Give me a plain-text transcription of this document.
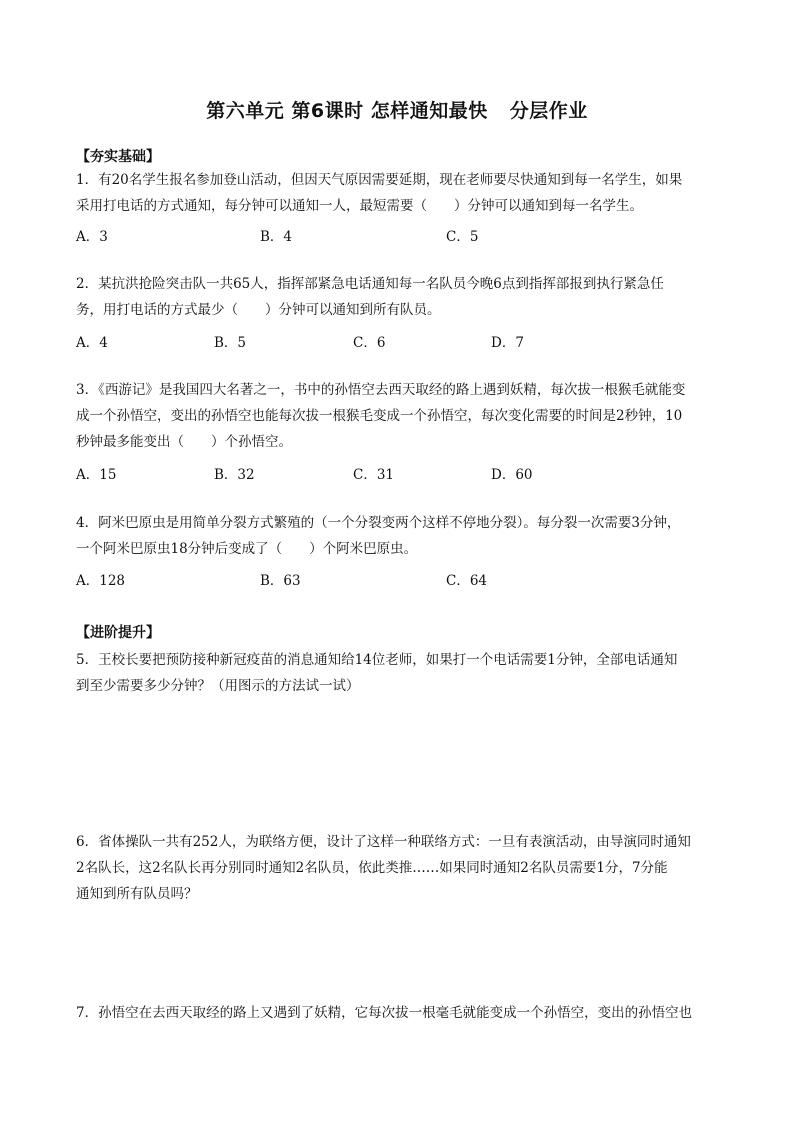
第六单元 第6课时 怎样通知最快 分层作业
【夯实基础】
1．有20名学生报名参加登山活动，但因天气原因需要延期，现在老师要尽快通知到每一名学生，如果
采用打电话的方式通知，每分钟可以通知一人，最短需要（　　）分钟可以通知到每一名学生。
A．3	B．4	C．5
2．某抗洪抢险突击队一共65人，指挥部紧急电话通知每一名队员今晚6点到指挥部报到执行紧急任
务，用打电话的方式最少（　　）分钟可以通知到所有队员。
A．4	B．5	C．6	D．7
3．《西游记》是我国四大名著之一，书中的孙悟空去西天取经的路上遇到妖精，每次拔一根猴毛就能变
成一个孙悟空，变出的孙悟空也能每次拔一根猴毛变成一个孙悟空，每次变化需要的时间是2秒钟，10
秒钟最多能变出（　　）个孙悟空。
A．15	B．32	C．31	D．60
4．阿米巴原虫是用简单分裂方式繁殖的（一个分裂变两个这样不停地分裂）。每分裂一次需要3分钟，
一个阿米巴原虫18分钟后变成了（　　）个阿米巴原虫。
A．128	B．63	C．64
【进阶提升】
5．王校长要把预防接种新冠疫苗的消息通知给14位老师，如果打一个电话需要1分钟，全部电话通知
到至少需要多少分钟？（用图示的方法试一试）
6．省体操队一共有252人，为联络方便，设计了这样一种联络方式：一旦有表演活动，由导演同时通知
2名队长，这2名队长再分别同时通知2名队员，依此类推……如果同时通知2名队员需要1分，7分能
通知到所有队员吗？
7．孙悟空在去西天取经的路上又遇到了妖精，它每次拔一根毫毛就能变成一个孙悟空，变出的孙悟空也
